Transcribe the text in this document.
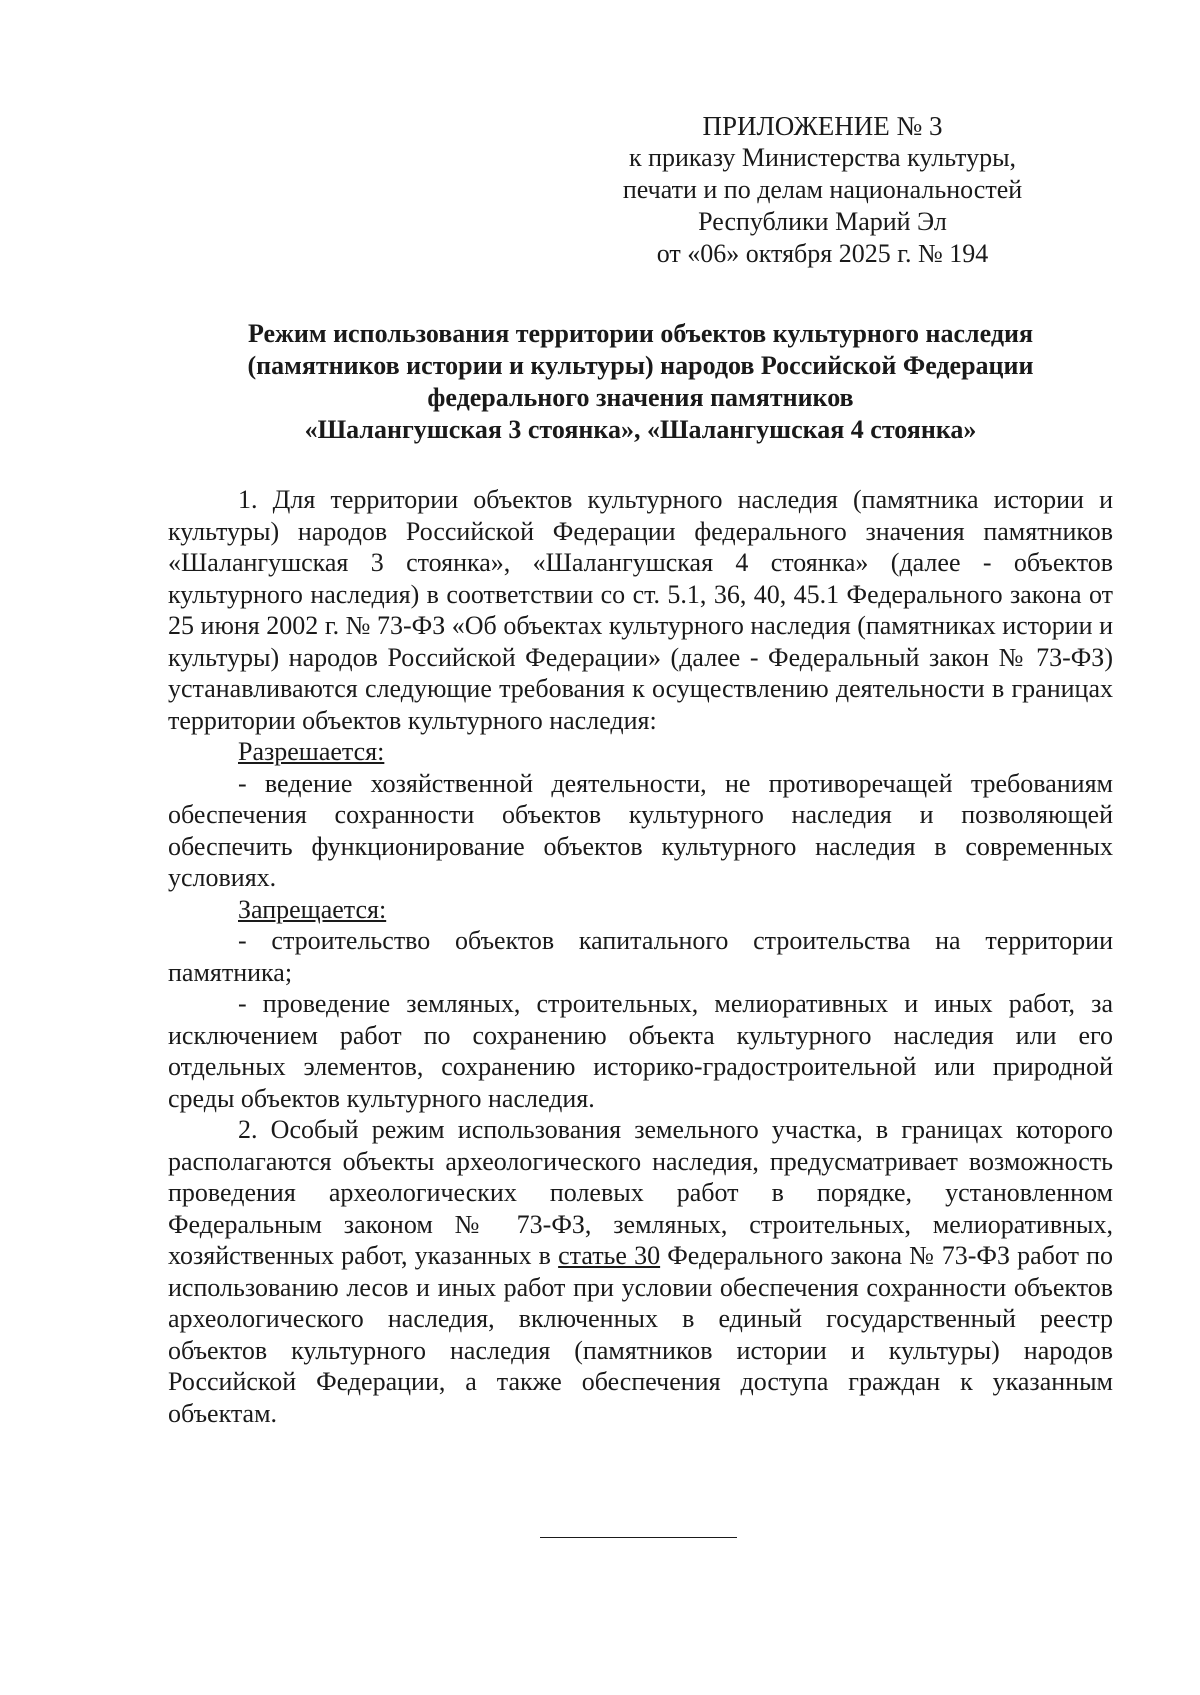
ПРИЛОЖЕНИЕ № 3
к приказу Министерства культуры,
печати и по делам национальностей
Республики Марий Эл
от «06» октября 2025 г. № 194
Режим использования территории объектов культурного наследия
(памятников истории и культуры) народов Российской Федерации
федерального значения памятников
«Шалангушская 3 стоянка», «Шалангушская 4 стоянка»

1. Для территории объектов культурного наследия (памятника истории и культуры) народов Российской Федерации федерального значения памятников «Шалангушская 3 стоянка», «Шалангушская 4 стоянка» (далее - объектов культурного наследия) в соответствии со ст. 5.1, 36, 40, 45.1 Федерального закона от 25 июня 2002 г. № 73-ФЗ «Об объектах культурного наследия (памятниках истории и культуры) народов Российской Федерации» (далее - Федеральный закон № 73-ФЗ) устанавливаются следующие требования к осуществлению деятельности в границах территории объектов культурного наследия:

Разрешается:

- ведение хозяйственной деятельности, не противоречащей требованиям обеспечения сохранности объектов культурного наследия и позволяющей обеспечить функционирование объектов культурного наследия в современных условиях.

Запрещается:

- строительство объектов капитального строительства на территории памятника;

- проведение земляных, строительных, мелиоративных и иных работ, за исключением работ по сохранению объекта культурного наследия или его отдельных элементов, сохранению историко-градостроительной или природной среды объектов культурного наследия.

2. Особый режим использования земельного участка, в границах которого располагаются объекты археологического наследия, предусматривает возможность проведения археологических полевых работ в порядке, установленном Федеральным законом № 73-ФЗ, земляных, строительных, мелиоративных, хозяйственных работ, указанных в статье 30 Федерального закона № 73-ФЗ работ по использованию лесов и иных работ при условии обеспечения сохранности объектов археологического наследия, включенных в единый государственный реестр объектов культурного наследия (памятников истории и культуры) народов Российской Федерации, а также обеспечения доступа граждан к указанным объектам.
